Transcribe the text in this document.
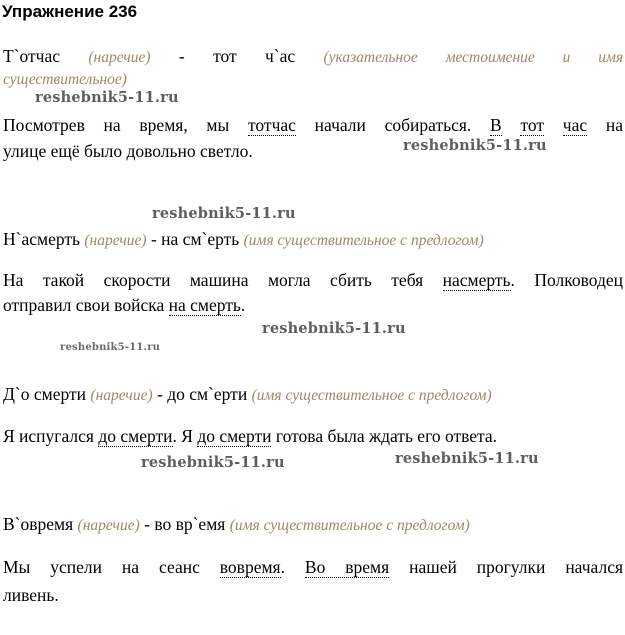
Упражнение 236
Т`отчас (наречие) - тот ч`ас (указательное местоимение и имя
существительное)
Посмотрев на время, мы тотчас начали собираться. В тот час на
улице ещё было довольно светло.
Н`асмерть (наречие) - на см`ерть (имя существительное с предлогом)
На такой скорости машина могла сбить тебя насмерть. Полководец
отправил свои войска на смерть.
Д`о смерти (наречие) - до см`ерти (имя существительное с предлогом)
Я испугался до смерти. Я до смерти готова была ждать его ответа.
В`овремя (наречие) - во вр`емя (имя существительное с предлогом)
Мы успели на сеанс вовремя. Во время нашей прогулки начался
ливень.
reshebnik5-11.ru
reshebnik5-11.ru
reshebnik5-11.ru
reshebnik5-11.ru
reshebnik5-11.ru
reshebnik5-11.ru	reshebnik5-11.ru
